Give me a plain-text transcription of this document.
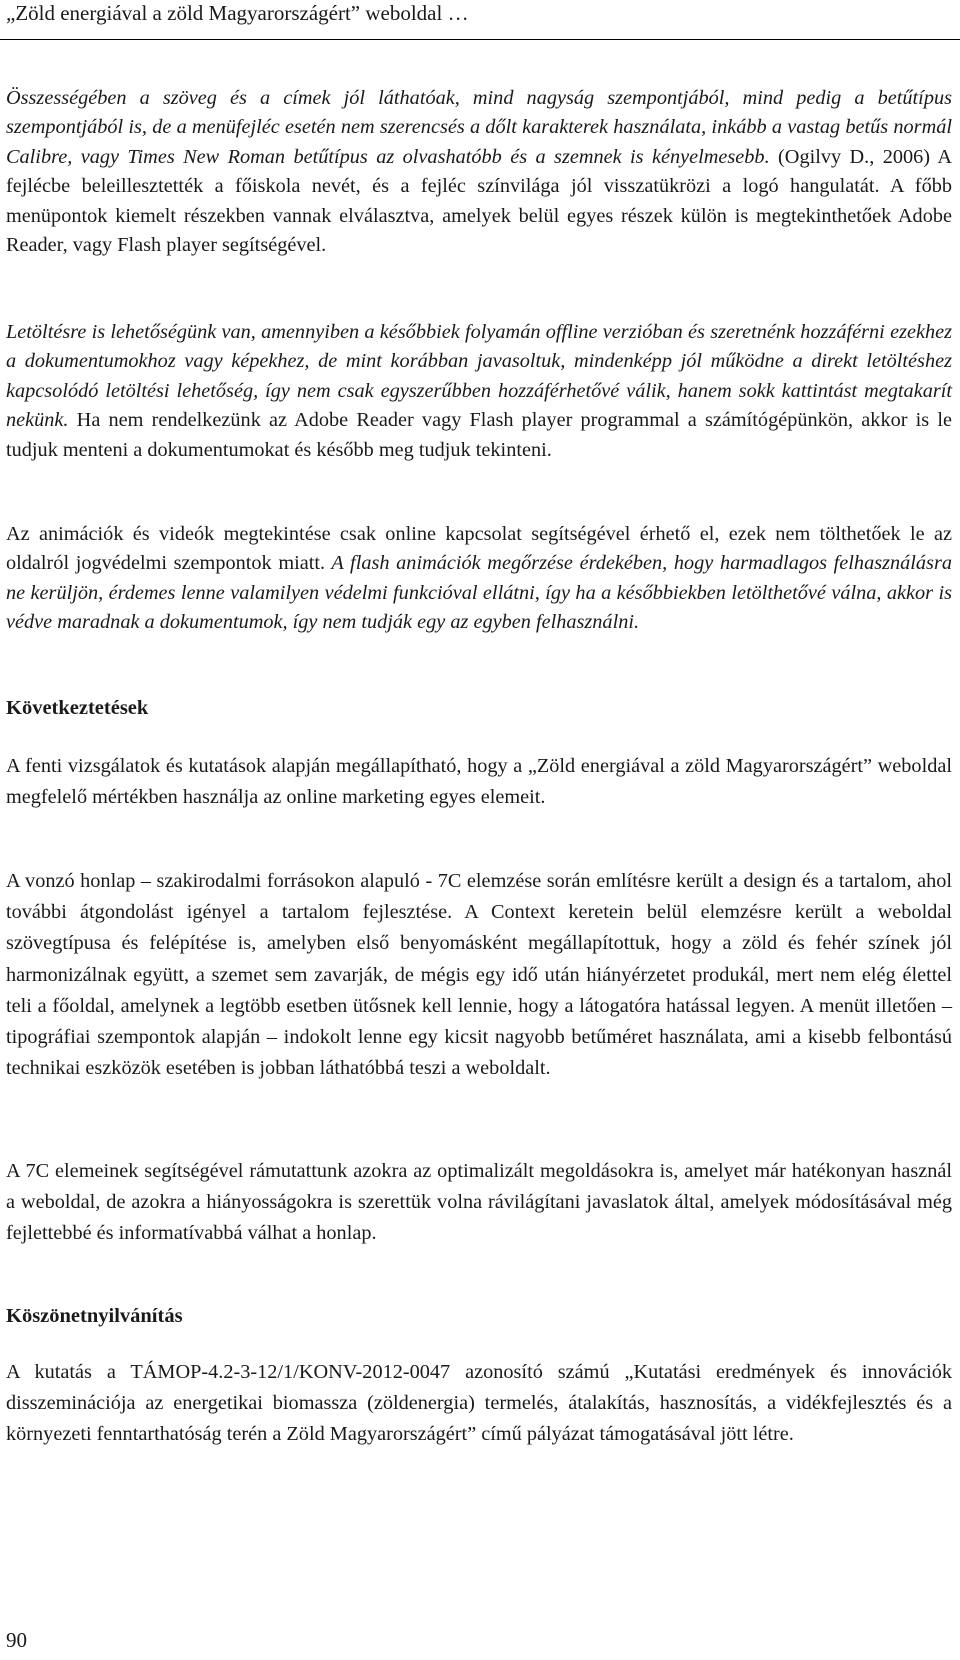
„Zöld energiával a zöld Magyarországért” weboldal …

Összességében a szöveg és a címek jól láthatóak, mind nagyság szempontjából, mind pedig a betűtípus szempontjából is, de a menüfejléc esetén nem szerencsés a dőlt karakterek használata, inkább a vastag betűs normál Calibre, vagy Times New Roman betűtípus az olvashatóbb és a szemnek is kényelmesebb. (Ogilvy D., 2006) A fejlécbe beleillesztették a főiskola nevét, és a fejléc színvilága jól visszatükrözi a logó hangulatát. A főbb menüpontok kiemelt részekben vannak elválasztva, amelyek belül egyes részek külön is megtekinthetőek Adobe Reader, vagy Flash player segítségével.

Letöltésre is lehetőségünk van, amennyiben a későbbiek folyamán offline verzióban és szeretnénk hozzáférni ezekhez a dokumentumokhoz vagy képekhez, de mint korábban javasoltuk, mindenképp jól működne a direkt letöltéshez kapcsolódó letöltési lehetőség, így nem csak egyszerűbben hozzáférhetővé válik, hanem sokk kattintást megtakarít nekünk. Ha nem rendelkezünk az Adobe Reader vagy Flash player programmal a számítógépünkön, akkor is le tudjuk menteni a dokumentumokat és később meg tudjuk tekinteni.

Az animációk és videók megtekintése csak online kapcsolat segítségével érhető el, ezek nem tölthetőek le az oldalról jogvédelmi szempontok miatt. A flash animációk megőrzése érdekében, hogy harmadlagos felhasználásra ne kerüljön, érdemes lenne valamilyen védelmi funkcióval ellátni, így ha a későbbiekben letölthetővé válna, akkor is védve maradnak a dokumentumok, így nem tudják egy az egyben felhasználni.

Következtetések

A fenti vizsgálatok és kutatások alapján megállapítható, hogy a „Zöld energiával a zöld Magyarországért” weboldal megfelelő mértékben használja az online marketing egyes elemeit.

A vonzó honlap – szakirodalmi forrásokon alapuló - 7C elemzése során említésre került a design és a tartalom, ahol további átgondolást igényel a tartalom fejlesztése. A Context keretein belül elemzésre került a weboldal szövegtípusa és felépítése is, amelyben első benyomásként megállapítottuk, hogy a zöld és fehér színek jól harmonizálnak együtt, a szemet sem zavarják, de mégis egy idő után hiányérzetet produkál, mert nem elég élettel teli a főoldal, amelynek a legtöbb esetben ütősnek kell lennie, hogy a látogatóra hatással legyen. A menüt illetően – tipográfiai szempontok alapján – indokolt lenne egy kicsit nagyobb betűméret használata, ami a kisebb felbontású technikai eszközök esetében is jobban láthatóbbá teszi a weboldalt.

A 7C elemeinek segítségével rámutattunk azokra az optimalizált megoldásokra is, amelyet már hatékonyan használ a weboldal, de azokra a hiányosságokra is szerettük volna rávilágítani javaslatok által, amelyek módosításával még fejlettebbé és informatívabbá válhat a honlap.

Köszönetnyilvánítás

A kutatás a TÁMOP-4.2-3-12/1/KONV-2012-0047 azonosító számú „Kutatási eredmények és innovációk disszeminációja az energetikai biomassza (zöldenergia) termelés, átalakítás, hasznosítás, a vidékfejlesztés és a környezeti fenntarthatóság terén a Zöld Magyarországért” című pályázat támogatásával jött létre.

90
